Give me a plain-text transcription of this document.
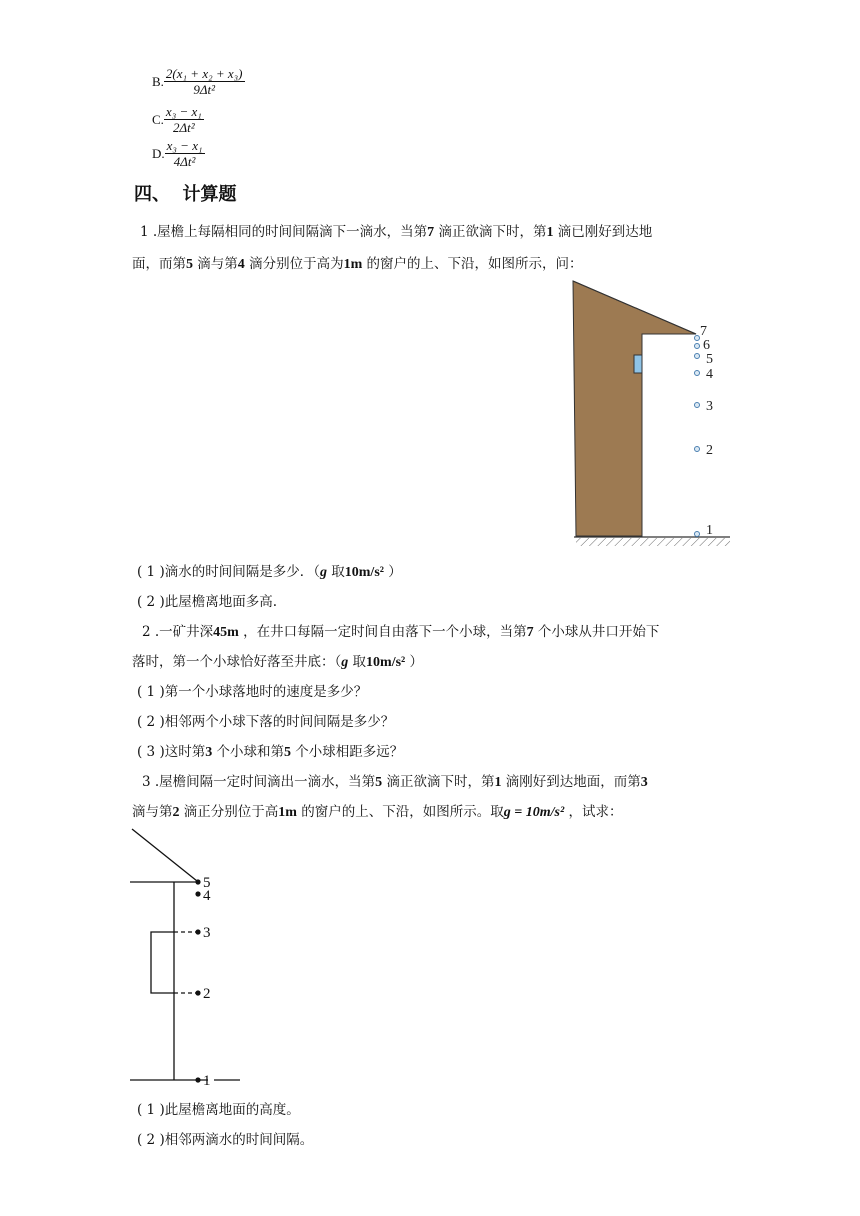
B. $\frac{\text{2(x₁ + x₂ + x₃)}}{\text{9Δt²}}$
C. $\frac{\text{x₃ − x₁}}{\text{2Δt²}}$
D. $\frac{\text{x₃ − x₁}}{\text{4Δt²}}$
四、 计算题
1 .屋檐上每隔相同的时间间隔滴下一滴水，当第7 滴正欲滴下时，第1 滴已刚好到达地
面，而第5 滴与第4 滴分别位于高为1m 的窗户的上、下沿，如图所示，问：
7
6
5
4
3
2
1
( 1 )滴水的时间间隔是多少．（g 取10m/s² ）
( 2 )此屋檐离地面多高.
2 .一矿井深45m ，在井口每隔一定时间自由落下一个小球，当第7 个小球从井口开始下
落时，第一个小球恰好落至井底：（g 取10m/s² ）
( 1 )第一个小球落地时的速度是多少？
( 2 )相邻两个小球下落的时间间隔是多少？
( 3 )这时第3 个小球和第5 个小球相距多远？
3 .屋檐间隔一定时间滴出一滴水，当第5 滴正欲滴下时，第1 滴刚好到达地面，而第3
滴与第2 滴正分别位于高1m 的窗户的上、下沿，如图所示。取g = 10m/s² ，试求：
5
4
3
2
1
( 1 )此屋檐离地面的高度。
( 2 )相邻两滴水的时间间隔。
